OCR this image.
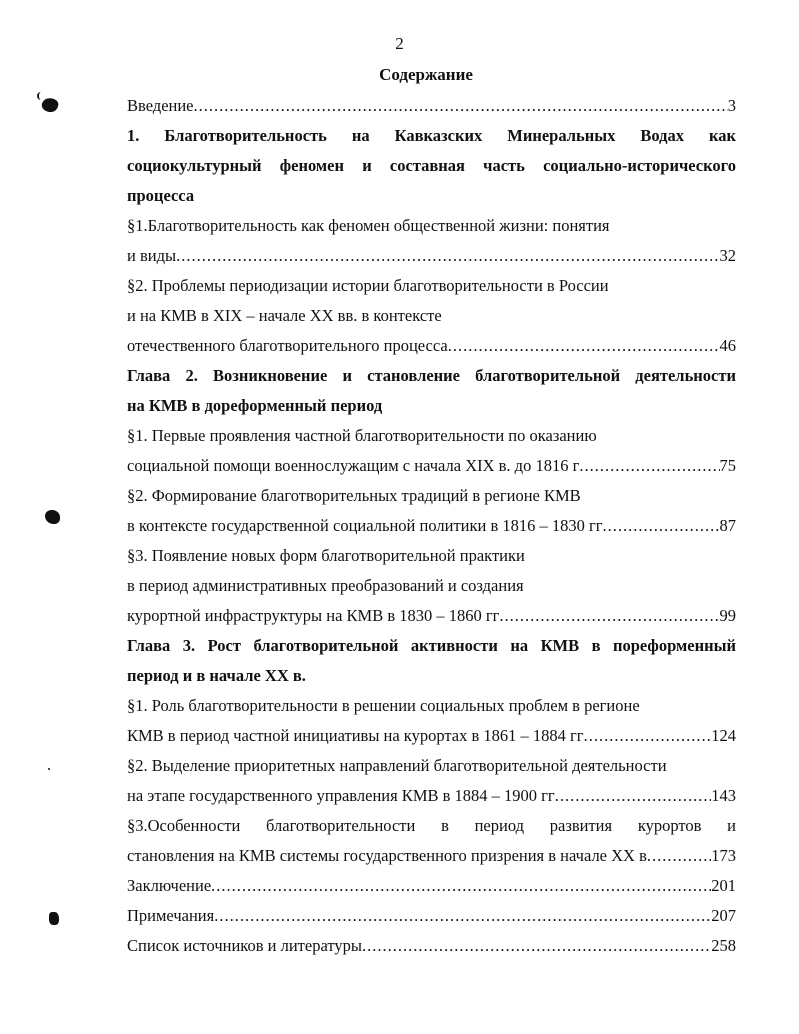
2
Содержание
Введение .....	3
1. Благотворительность на Кавказских Минеральных Водах как
социокультурный феномен и составная часть социально-исторического
процесса
§1.Благотворительность как феномен общественной жизни: понятия
и виды .....	32
§2. Проблемы периодизации истории благотворительности в России
и на КМВ в XIX – начале XX вв. в контексте
отечественного благотворительного процесса .....	46
Глава 2. Возникновение и становление благотворительной деятельности
на КМВ в дореформенный период
§1. Первые проявления частной благотворительности по оказанию
социальной помощи военнослужащим с начала XIX в. до 1816 г .....	75
§2. Формирование благотворительных традиций в регионе КМВ
в контексте государственной социальной политики в 1816 – 1830 гг .....	87
§3. Появление новых форм благотворительной практики
в период административных преобразований и создания
курортной инфраструктуры на КМВ в 1830 – 1860 гг .....	99
Глава 3. Рост благотворительной активности на КМВ в пореформенный
период и в начале XX в.
§1. Роль благотворительности в решении социальных проблем в регионе
КМВ в период частной инициативы на курортах в 1861 – 1884 гг .....	124
§2. Выделение приоритетных направлений благотворительной деятельности
на этапе государственного управления КМВ в 1884 – 1900 гг .....	143
§3.Особенности благотворительности в период развития курортов и
становления на КМВ системы государственного призрения в начале XX в .....	173
Заключение .....	201
Примечания .....	207
Список источников и литературы .....	258
